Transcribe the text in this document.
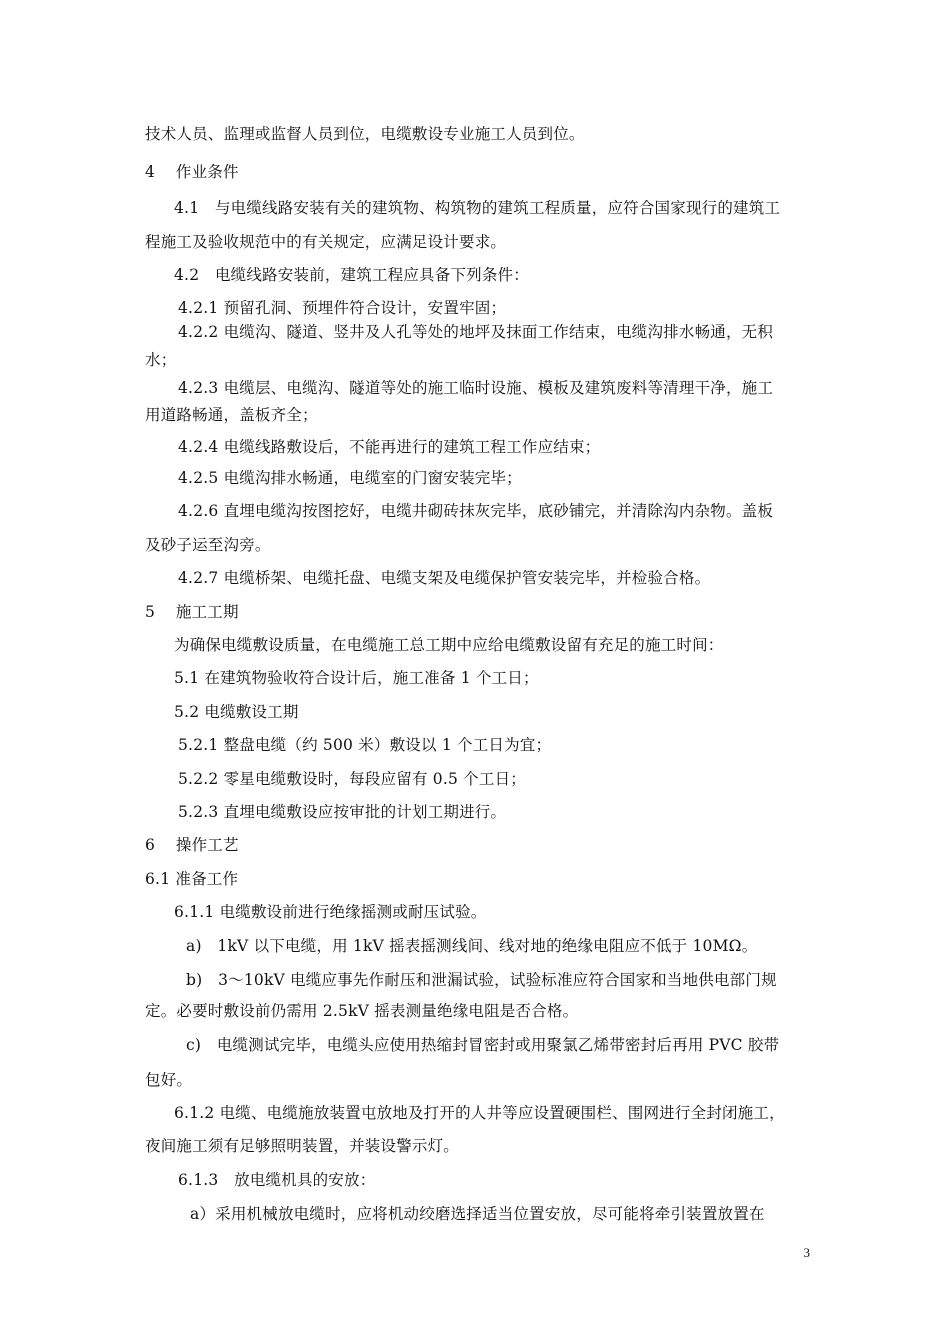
技术人员、监理或监督人员到位，电缆敷设专业施工人员到位。
4　 作业条件
4.1　与电缆线路安装有关的建筑物、构筑物的建筑工程质量，应符合国家现行的建筑工
程施工及验收规范中的有关规定，应满足设计要求。
4.2　电缆线路安装前，建筑工程应具备下列条件：
4.2.1 预留孔洞、预埋件符合设计，安置牢固；
4.2.2 电缆沟、隧道、竖井及人孔等处的地坪及抹面工作结束，电缆沟排水畅通，无积
水；
4.2.3 电缆层、电缆沟、隧道等处的施工临时设施、模板及建筑废料等清理干净，施工
用道路畅通，盖板齐全；
4.2.4 电缆线路敷设后，不能再进行的建筑工程工作应结束；
4.2.5 电缆沟排水畅通，电缆室的门窗安装完毕；
4.2.6 直埋电缆沟按图挖好，电缆井砌砖抹灰完毕，底砂铺完，并清除沟内杂物。盖板
及砂子运至沟旁。
4.2.7 电缆桥架、电缆托盘、电缆支架及电缆保护管安装完毕，并检验合格。
5　 施工工期
为确保电缆敷设质量，在电缆施工总工期中应给电缆敷设留有充足的施工时间：
5.1 在建筑物验收符合设计后，施工准备 1 个工日；
5.2 电缆敷设工期
5.2.1 整盘电缆（约 500 米）敷设以 1 个工日为宜；
5.2.2 零星电缆敷设时，每段应留有 0.5 个工日；
5.2.3 直埋电缆敷设应按审批的计划工期进行。
6　 操作工艺
6.1 准备工作
6.1.1 电缆敷设前进行绝缘摇测或耐压试验。
a)　1kV 以下电缆，用 1kV 摇表摇测线间、线对地的绝缘电阻应不低于 10MΩ。
b)　3～10kV 电缆应事先作耐压和泄漏试验，试验标准应符合国家和当地供电部门规
定。必要时敷设前仍需用 2.5kV 摇表测量绝缘电阻是否合格。
c)　电缆测试完毕，电缆头应使用热缩封冒密封或用聚氯乙烯带密封后再用 PVC 胶带
包好。
6.1.2 电缆、电缆施放装置屯放地及打开的人井等应设置硬围栏、围网进行全封闭施工，
夜间施工须有足够照明装置，并装设警示灯。
6.1.3　放电缆机具的安放：
a）采用机械放电缆时，应将机动绞磨选择适当位置安放，尽可能将牵引装置放置在
3
